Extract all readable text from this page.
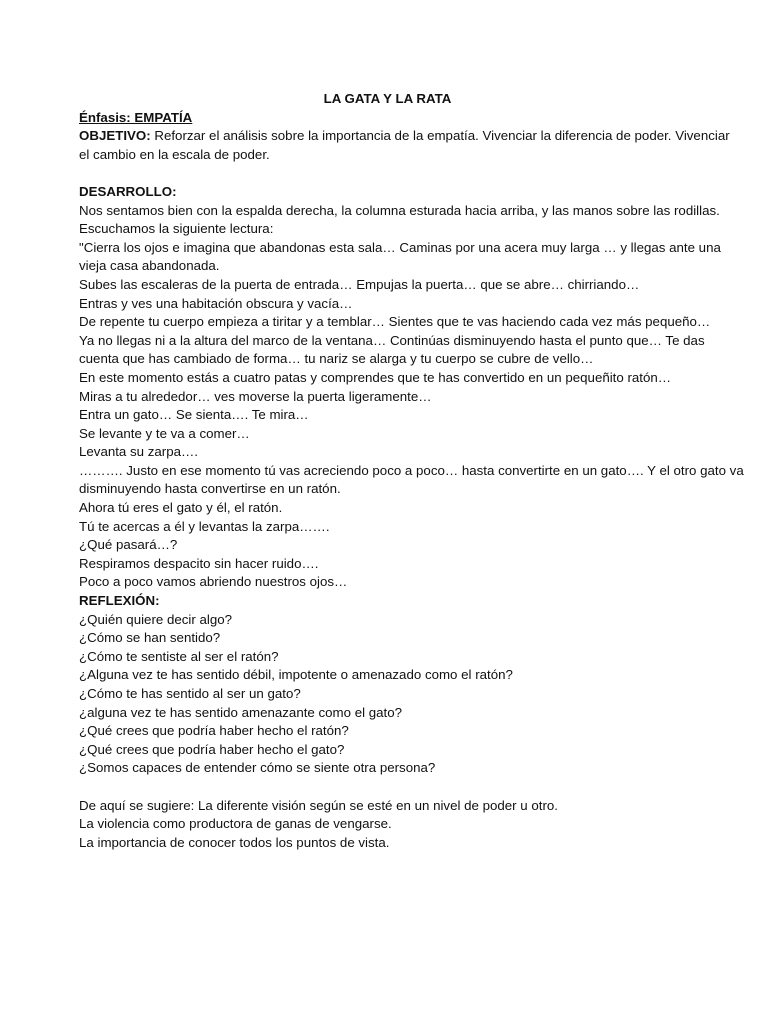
LA GATA Y LA RATA
Énfasis: EMPATÍA
OBJETIVO: Reforzar el análisis sobre la importancia de la empatía. Vivenciar la diferencia de poder. Vivenciar
el cambio en la escala de poder.
DESARROLLO:
Nos sentamos bien con la espalda derecha, la columna esturada hacia arriba, y las manos sobre las rodillas.
Escuchamos la siguiente lectura:
"Cierra los ojos e imagina que abandonas esta sala… Caminas por una acera muy larga … y llegas ante una
vieja casa abandonada.
Subes las escaleras de la puerta de entrada… Empujas la puerta… que se abre… chirriando…
Entras y ves una habitación obscura y vacía…
De repente tu cuerpo empieza a tiritar y a temblar… Sientes que te vas haciendo cada vez más pequeño…
Ya no llegas ni a la altura del marco de la ventana… Continúas disminuyendo hasta el punto que… Te das
cuenta que has cambiado de forma… tu nariz se alarga y tu cuerpo se cubre de vello…
En este momento estás a cuatro patas y comprendes que te has convertido en un pequeñito ratón…
Miras a tu alrededor… ves moverse la puerta ligeramente…
Entra un gato… Se sienta…. Te mira…
Se levante y te va a comer…
Levanta su zarpa….
………. Justo en ese momento tú vas acreciendo poco a poco… hasta convertirte en un gato…. Y el otro gato va
disminuyendo hasta convertirse en un ratón.
Ahora tú eres el gato y él, el ratón.
Tú te acercas a él y levantas la zarpa…….
¿Qué pasará…?
Respiramos despacito sin hacer ruido….
Poco a poco vamos abriendo nuestros ojos…
REFLEXIÓN:
¿Quién quiere decir algo?
¿Cómo se han sentido?
¿Cómo te sentiste al ser el ratón?
¿Alguna vez te has sentido débil, impotente o amenazado como el ratón?
¿Cómo te has sentido al ser un gato?
¿alguna vez te has sentido amenazante como el gato?
¿Qué crees que podría haber hecho el ratón?
¿Qué crees que podría haber hecho el gato?
¿Somos capaces de entender cómo se siente otra persona?
De aquí se sugiere: La diferente visión según se esté en un nivel de poder u otro.
La violencia como productora de ganas de vengarse.
La importancia de conocer todos los puntos de vista.
